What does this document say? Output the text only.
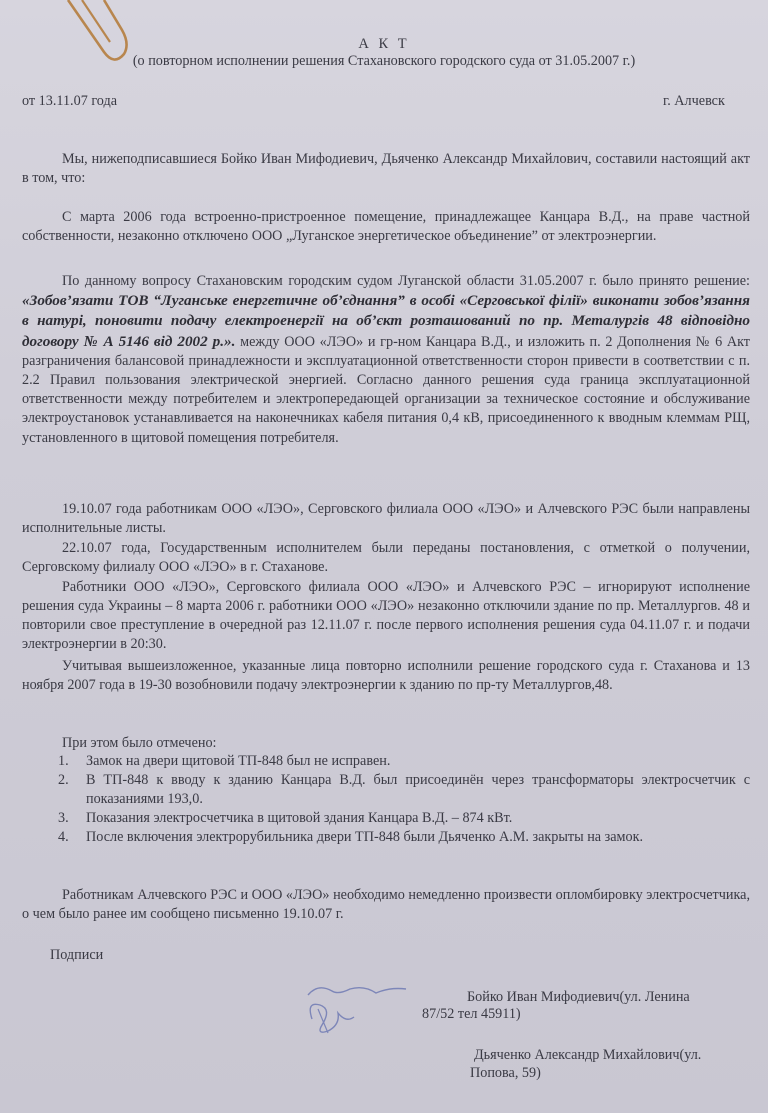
А К Т
(о повторном исполнении решения Стахановского городского суда от 31.05.2007 г.)
от 13.11.07 года	г. Алчевск
Мы, нижеподписавшиеся Бойко Иван Мифодиевич, Дьяченко Александр Михайлович, составили настоящий акт в том, что:
С марта 2006 года встроенно-пристроенное помещение, принадлежащее Канцара В.Д., на праве частной собственности, незаконно отключено ООО „Луганское энергетическое объединение” от электроэнергии.
По данному вопросу Стахановским городским судом Луганской области 31.05.2007 г. было принято решение: «Зобов’язати ТОВ “Луганське енергетичне об’єднання” в особі «Серговської філії» виконати зобов’язання в натурі, поновити подачу електроенергії на об’єкт розташований по пр. Металургів 48 відповідно договору № А 5146 від 2002 р.». между ООО «ЛЭО» и гр-ном Канцара В.Д., и изложить п. 2 Дополнения № 6 Акт разграничения балансовой принадлежности и эксплуатационной ответственности сторон привести в соответствии с п. 2.2 Правил пользования электрической энергией. Согласно данного решения суда граница эксплуатационной ответственности между потребителем и электропередающей организации за техническое состояние и обслуживание электроустановок устанавливается на наконечниках кабеля питания 0,4 кВ, присоединенного к вводным клеммам РЩ, установленного в щитовой помещения потребителя.
19.10.07 года работникам ООО «ЛЭО», Серговского филиала ООО «ЛЭО» и Алчевского РЭС были направлены исполнительные листы.
22.10.07 года, Государственным исполнителем были переданы постановления, с отметкой о получении, Серговскому филиалу ООО «ЛЭО» в г. Стаханове.
Работники ООО «ЛЭО», Серговского филиала ООО «ЛЭО» и Алчевского РЭС – игнорируют исполнение решения суда Украины – 8 марта 2006 г. работники ООО «ЛЭО» незаконно отключили здание по пр. Металлургов. 48 и повторили свое преступление в очередной раз 12.11.07 г. после первого исполнения решения суда 04.11.07 г. и подачи электроэнергии в 20:30.
Учитывая вышеизложенное, указанные лица повторно исполнили решение городского суда г. Стаханова и 13 ноября 2007 года в 19-30 возобновили подачу электроэнергии к зданию по пр-ту Металлургов,48.
При этом было отмечено:
1. Замок на двери щитовой ТП-848 был не исправен.
2. В ТП-848 к вводу к зданию Канцара В.Д. был присоединён через трансформаторы электросчетчик с показаниями 193,0.
3. Показания электросчетчика в щитовой здания Канцара В.Д. – 874 кВт.
4. После включения электрорубильника двери ТП-848 были Дьяченко А.М. закрыты на замок.
Работникам Алчевского РЭС и ООО «ЛЭО» необходимо немедленно произвести опломбировку электросчетчика, о чем было ранее им сообщено письменно 19.10.07 г.
Подписи
Бойко Иван Мифодиевич(ул. Ленина
87/52 тел 45911)
Дьяченко Александр Михайлович(ул.
Попова, 59)
